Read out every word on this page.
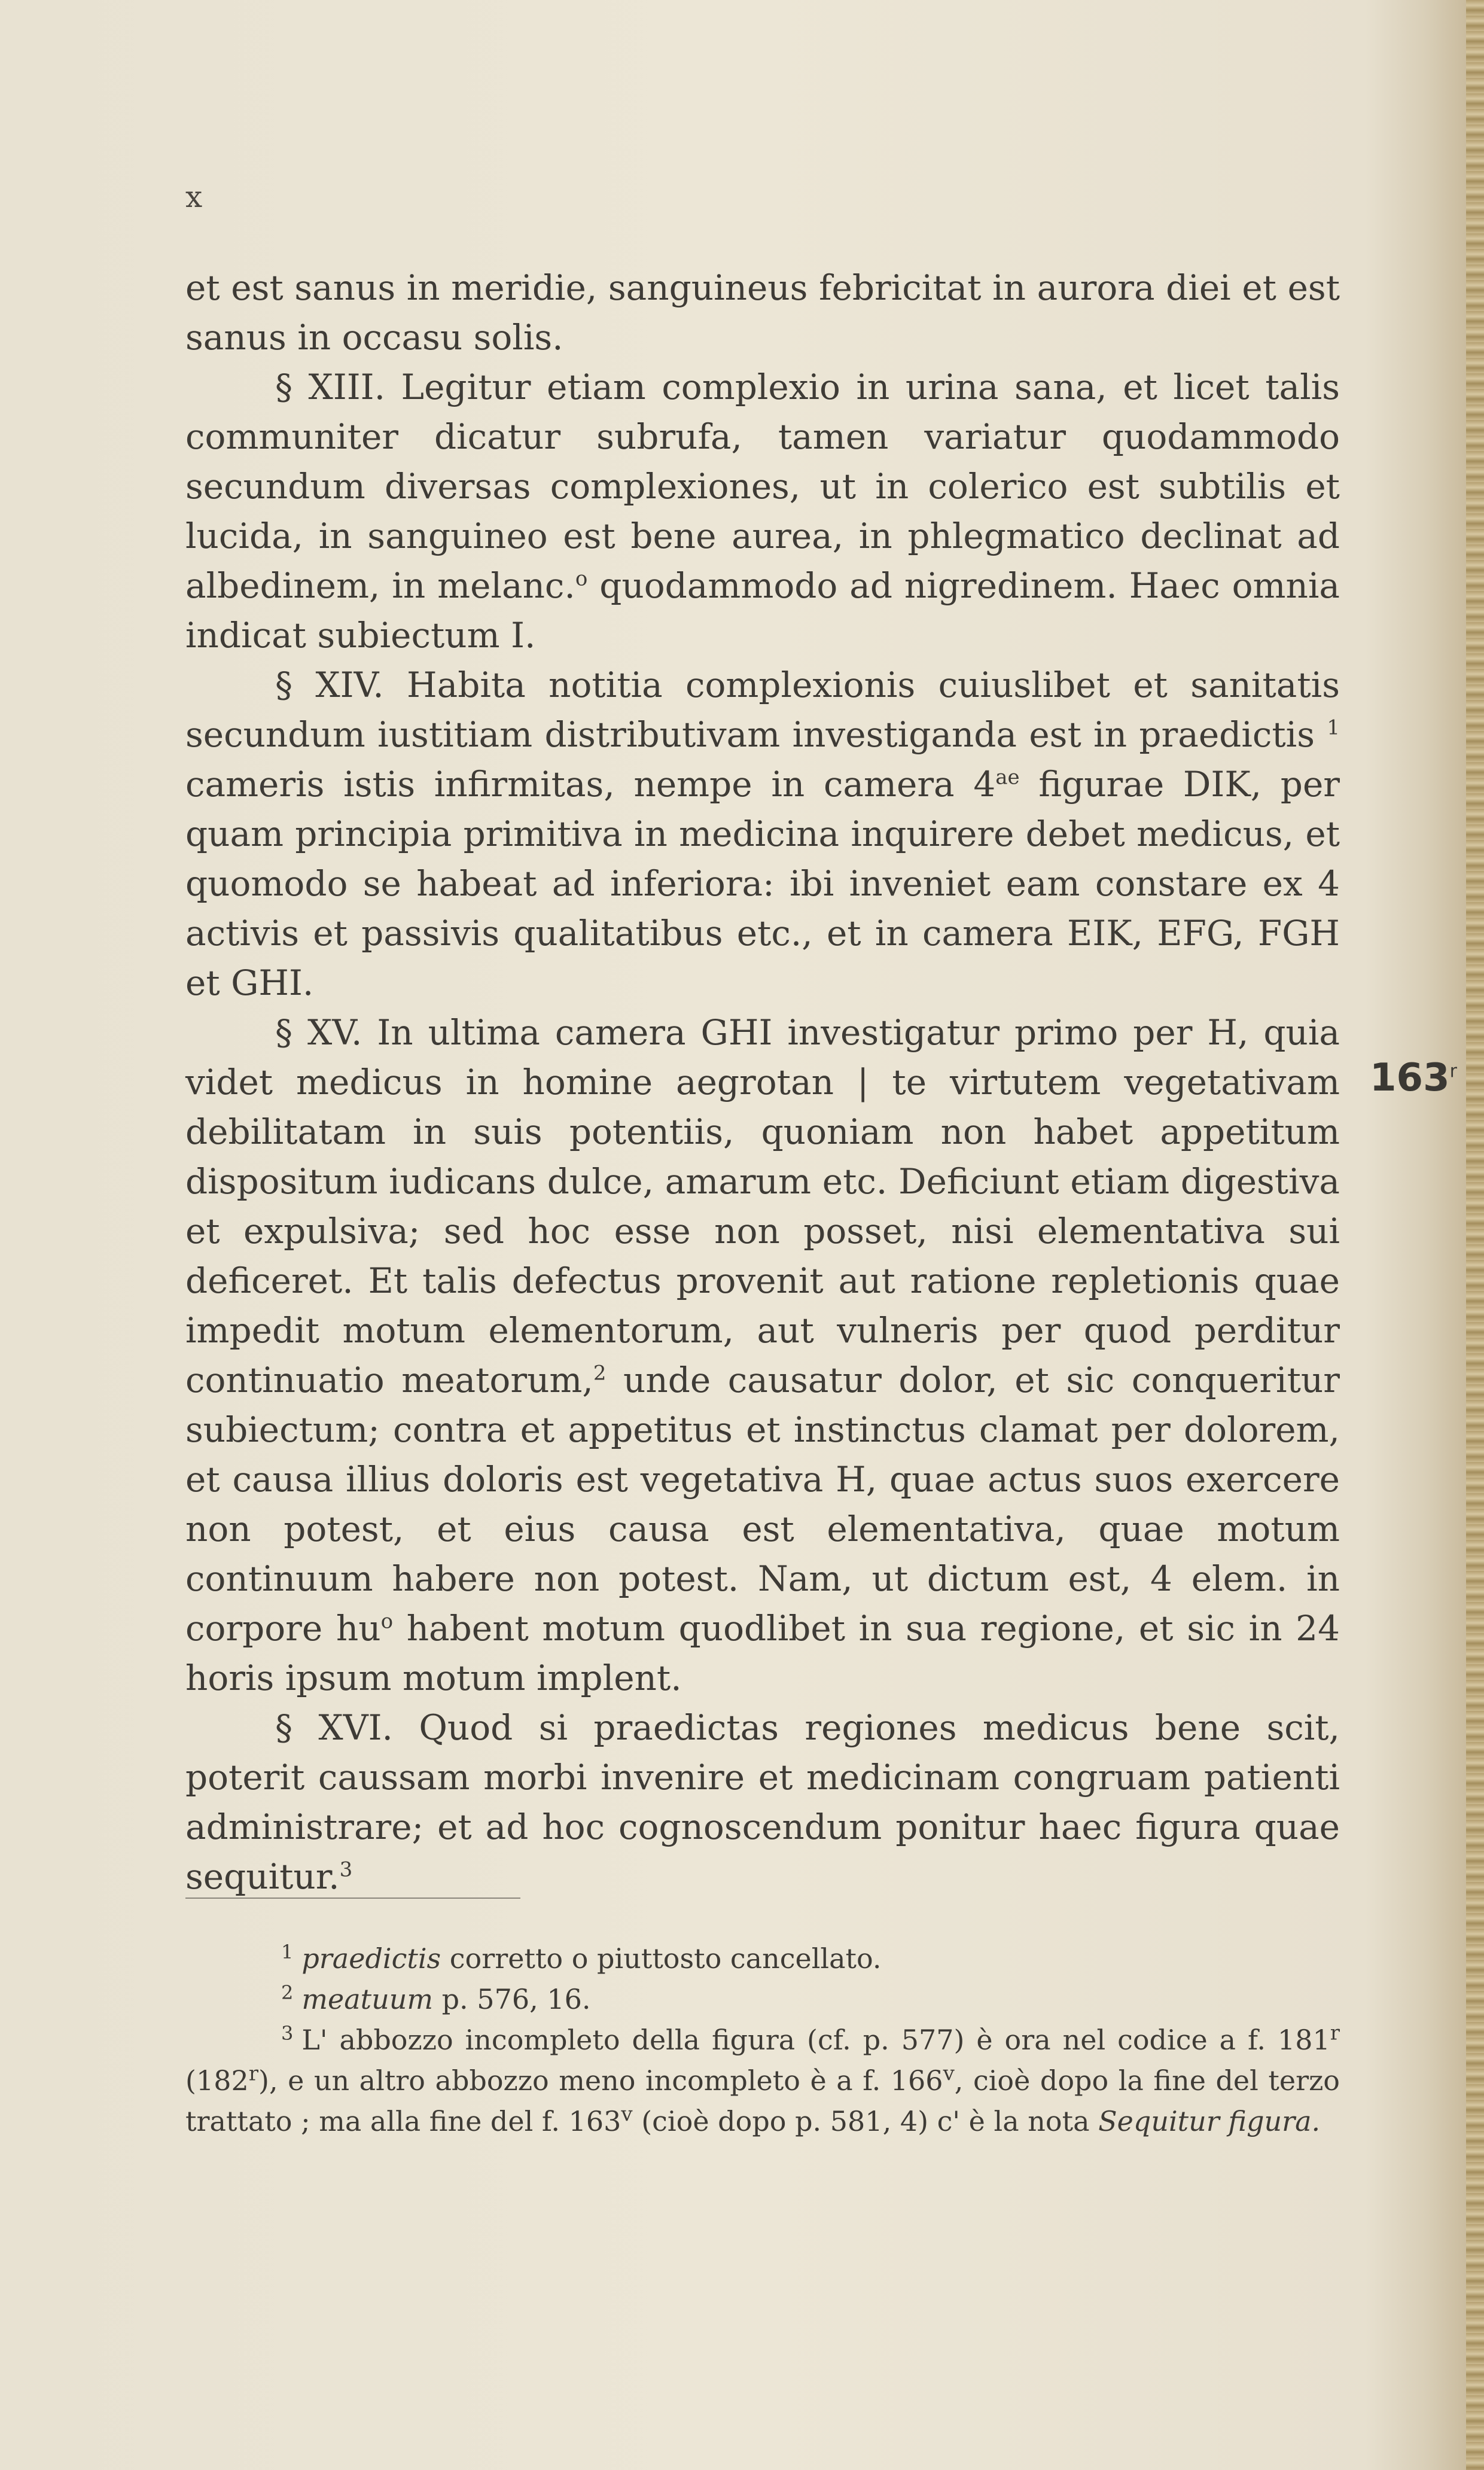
x

et est sanus in meridie, sanguineus febricitat in aurora diei et est sanus in occasu solis.

§ XIII. Legitur etiam complexio in urina sana, et licet talis communiter dicatur subrufa, tamen variatur quodammodo secundum diversas complexiones, ut in colerico est subtilis et lucida, in sanguineo est bene aurea, in phlegmatico declinat ad albedinem, in melanc.$^o$ quodammodo ad nigredinem. Haec omnia indicat subiectum I.

§ XIV. Habita notitia complexionis cuiuslibet et sanitatis secundum iustitiam distributivam investiganda est in praedictis $^1$ cameris istis infirmitas, nempe in camera $4^{ae}$ figurae DIK, per quam principia primitiva in medicina inquirere debet medicus, et quomodo se habeat ad inferiora: ibi inveniet eam constare ex 4 activis et passivis qualitatibus etc., et in camera EIK, EFG, FGH et GHI.

§ XV. In ultima camera GHI investigatur primo per H, quia videt medicus in homine aegrotan | te virtutem vegetativam debilitatam in suis potentiis, quoniam non habet appetitum dispositum iudicans dulce, amarum etc. Deficiunt etiam digestiva et expulsiva; sed hoc esse non posset, nisi elementativa sui deficeret. Et talis defectus provenit aut ratione repletionis quae impedit motum elementorum, aut vulneris per quod perditur continuatio meatorum,$^2$ unde causatur dolor, et sic conqueritur subiectum; contra et appetitus et instinctus clamat per dolorem, et causa illius doloris est vegetativa H, quae actus suos exercere non potest, et eius causa est elementativa, quae motum continuum habere non potest. Nam, ut dictum est, 4 elem. in corpore $hu^o$ habent motum quodlibet in sua regione, et sic in 24 horis ipsum motum implent.

§ XVI. Quod si praedictas regiones medicus bene scit, poterit caussam morbi invenire et medicinam congruam patienti administrare; et ad hoc cognoscendum ponitur haec figura quae sequitur.$^3$

163$^r$

$^1$ praedictis corretto o piuttosto cancellato.

$^2$ meatuum p. 576, 16.

$^3$ L' abbozzo incompleto della figura (cf. p. 577) è ora nel codice a f. 181$^r$ (182$^r$), e un altro abbozzo meno incompleto è a f. 166$^v$, cioè dopo la fine del terzo trattato ; ma alla fine del f. 163$^v$ (cioè dopo p. 581, 4) c' è la nota Sequitur figura.
